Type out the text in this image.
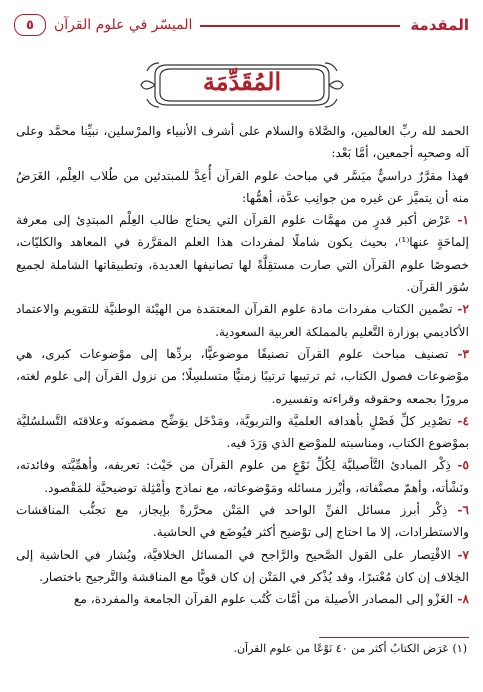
المقدمة
الميسّر في علوم القرآن
٥
المُقَدِّمَة

الحمد لله ربِّ العالمين، والصَّلاة والسلام على أشرف الأنبياء والمرْسلين، نبيِّنا محمَّد وعلى آله وصحبِه أجمعين، أمَّا بَعْد:

فهذا مقرَّرٌ دراسيٌّ ميَسَّر في مباحث علوم القرآن أُعِدَّ للمبتدئين من طُلاب العِلْم، الغَرَضُ منه أن يتميَّز عن غيره من جوانِب عدَّة، أهمُّها:

١- عَرْض أكبر قدرٍ من مهمَّات علوم القرآن التي يحتاج طالب العِلْم المبتدِئ إلى معرفة إلماحَةٍ عنها⁽¹⁾، بحيث يكون شاملًا لمفردات هذا العلم المقرَّرة في المعاهد والكليّات، خصوصًا علوم القرآن التي صارت مستقِلَّةً لها تصانيفها العديدة، وتطبيقاتها الشاملة لجميع سُوَر القرآن.

٢- تضْمين الكتاب مفردات مادة علوم القرآن المعتمَدة من الهيْئة الوطنيَّة للتقويم والاعتماد الأكاديمي بوزارة التَّعليم بالمملكة العربية السعودية.

٣- تصنيف مباحث علوم القرآن تصنيفًا موضوعيًّا، بردِّها إلى موْضوعات كبرى، هي موْضوعات فصول الكتاب، ثم ترتيبها ترتيبًا زمنيًّا متسلسِلًا؛ من نزول القرآن إلى علوم لغته، مرورًا بجمعه وحقوقه وقراءته وتفسيره.

٤- تصْدِير كلِّ فَصْلٍ بأهدافه العلميَّة والتربويَّة، ومَدْخَل يوَضِّح مضمونَه وعلاقتَه التَّسلسُليَّة بموْضوع الكتاب، ومناسبته للموْضع الذي وَرَدَ فيه.

٥- ذِكْر المبادئ التَّأصيليَّة لِكُلِّ نَوْعٍ من علوم القرآن من حَيْث: تعريفه، وأهمِّيَّته وفائدته، ونَشْأته، وأهمّ مصنَّفاته، وأبْرز مسائله ومَوْضوعاته، مع نماذج وأمْثِلة توضيحيَّة للمَقْصود.

٦- ذِكْر أبرز مسائل الفنِّ الواحد في المَتْن محرَّرةً بإيجاز، مع تجنُّب المناقشات والاستطرادات، إلا ما احتاج إلى توْضيح أكثر فيُوضَع في الحاشية.

٧- الاقْتِصار على القول الصَّحيح والرَّاجح في المسائل الخلافيَّة، ويُشار في الحاشية إلى الخِلاف إن كان مُعْتبرًا، وقد يُذْكر في المَتْن إن كان قويًّا مع المناقشة والتَّرجيح باختصار.

٨- العَزْو إلى المصادر الأصيلة من أمَّات كُتُب علوم القرآن الجامعة والمفردة، مع

(١) عَرَض الكتابُ أكثر من ٤٠ نَوْعًا من علوم القرآن.
